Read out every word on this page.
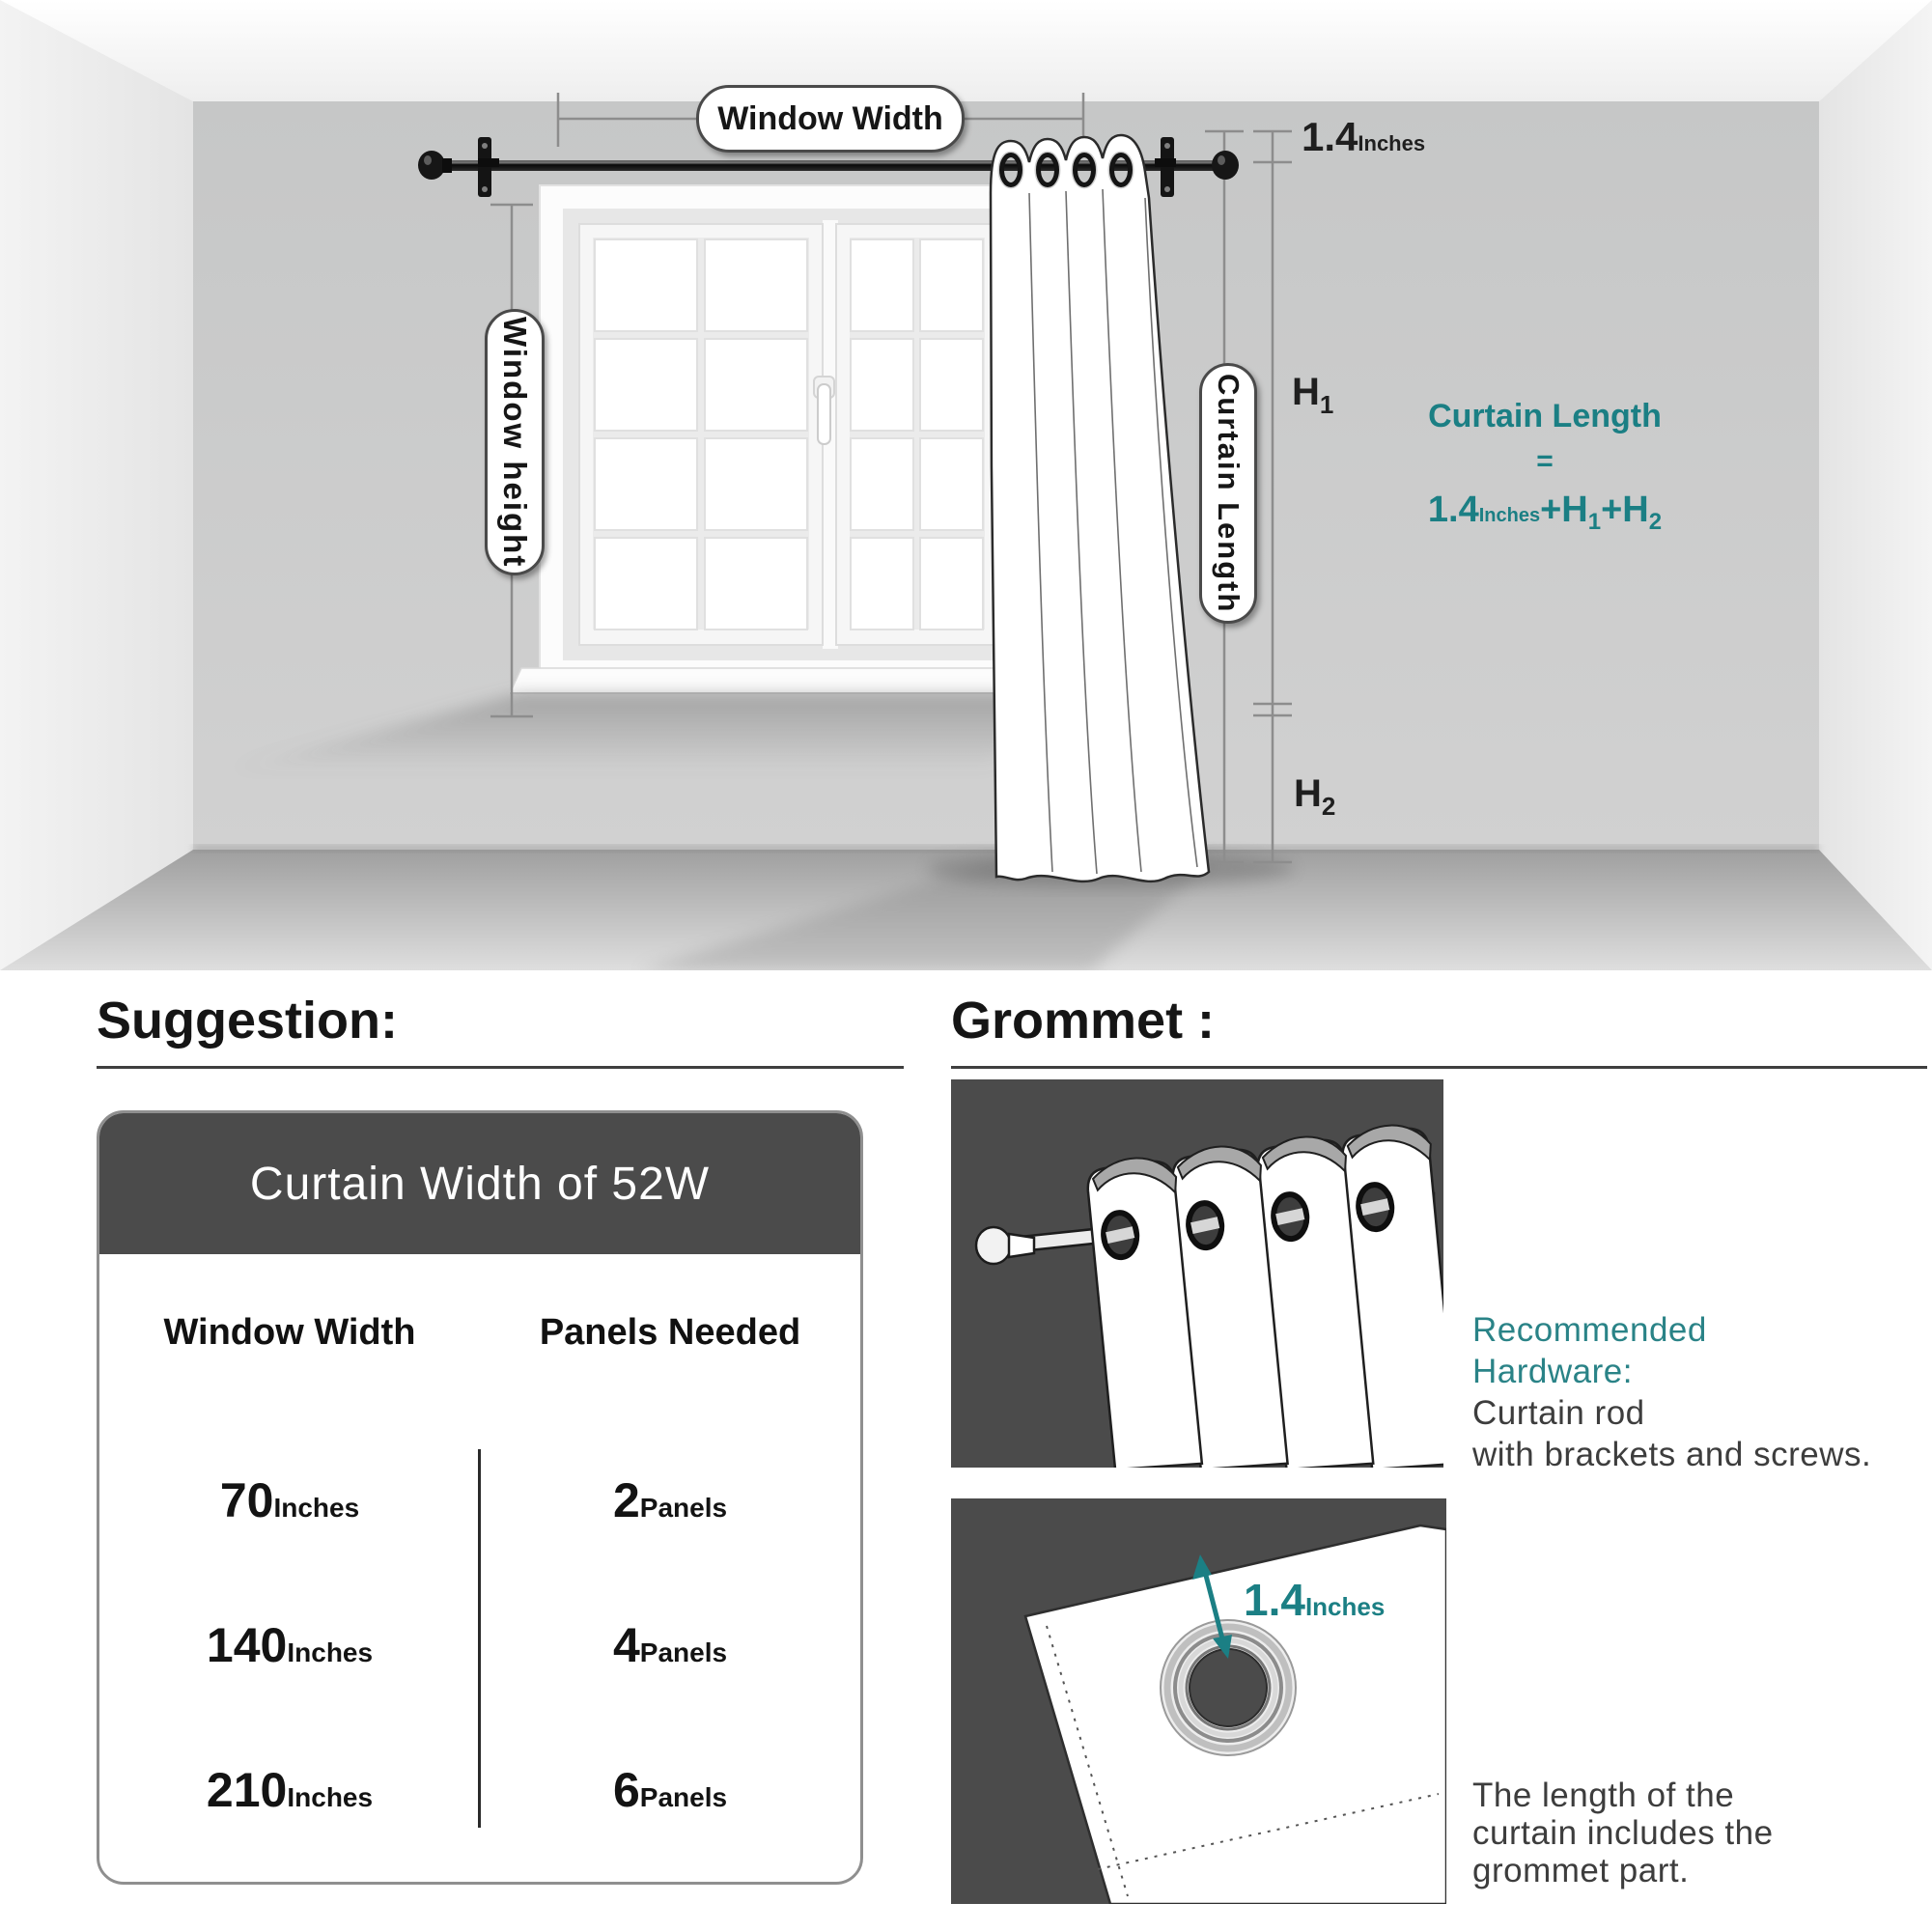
Window Width
Window height	Curtain Length
1.4Inches
$H_1$
$H_2$
Curtain Length
=
1.4Inches+H1+H2
Suggestion:
Curtain Width of 52W
Window Width	Panels Needed
70Inches	2Panels
140Inches	4Panels
210Inches	6Panels
Grommet :
1.4Inches
Recommended
Hardware:
Curtain rod
with brackets and screws.
The length of the
curtain includes the
grommet part.
